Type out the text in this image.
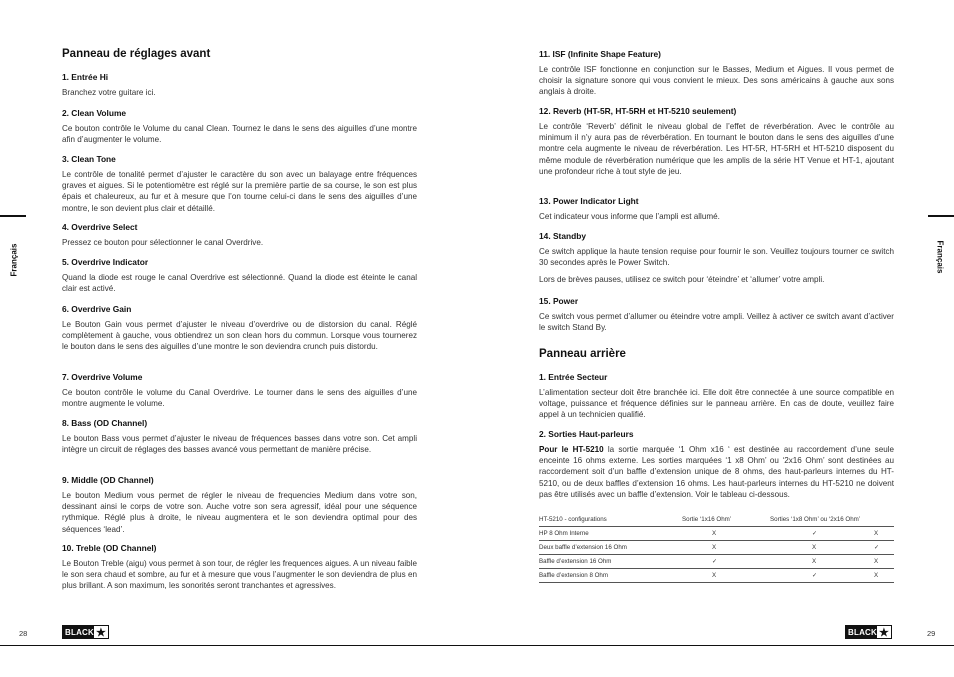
Panneau de réglages avant
1. Entrée Hi

Branchez votre guitare ici.

2. Clean Volume

Ce bouton contrôle le Volume du canal Clean. Tournez le dans le sens des aiguilles d’une montre afin d’augmenter le volume.

3. Clean Tone

Le contrôle de tonalité permet d’ajuster le caractère du son avec un balayage entre fréquences graves et aigues. Si le potentiomètre est réglé sur la première partie de sa course, le son est plus épais et chaleureux, au fur et à mesure que l’on tourne celui-ci dans le sens des aiguilles d’une montre, le son devient plus clair et détaillé.

4. Overdrive Select

Pressez ce bouton pour sélectionner le canal Overdrive.

5. Overdrive Indicator

Quand la diode est rouge le canal Overdrive est sélectionné. Quand la diode est éteinte le canal clair est activé.

6. Overdrive Gain

Le Bouton Gain vous permet d’ajuster le niveau d’overdrive ou de distorsion du canal. Réglé complètement à gauche, vous obtiendrez un son clean hors du commun. Lorsque vous tournerez le bouton dans le sens des aiguilles d’une montre le son deviendra crunch puis distordu.

7. Overdrive Volume

Ce bouton contrôle le volume du Canal Overdrive. Le tourner dans le sens des aiguilles d’une montre augmente le volume.

8. Bass (OD Channel)

Le bouton Bass vous permet d’ajuster le niveau de fréquences basses dans votre son. Cet ampli intègre un circuit de réglages des basses avancé vous permettant de manière précise.

9. Middle (OD Channel)

Le bouton Medium vous permet de régler le niveau de frequencies Medium dans votre son, dessinant ainsi le corps de votre son. Auche votre son sera agressif, idéal pour une séquence rythmique. Réglé plus à droite, le niveau augmentera et le son deviendra optimal pour des séquences ‘lead’.

10. Treble (OD Channel)

Le Bouton Treble (aigu) vous permet à son tour, de régler les frequences aigues. A un niveau faible le son sera chaud et sombre, au fur et à mesure que vous l’augmenter le son deviendra de plus en plus brillant. A son maximum, les sonorités seront tranchantes et agressives.

Français
28	BLACK ★
11. ISF (Infinite Shape Feature)

Le contrôle ISF fonctionne en conjunction sur le Basses, Medium et Aigues. Il vous permet de choisir la signature sonore qui vous convient le mieux. Des sons américains à gauche aux sons anglais à droite.

12. Reverb (HT-5R, HT-5RH et HT-5210 seulement)

Le contrôle ‘Reverb’ définit le niveau global de l’effet de réverbération. Avec le contrôle au minimum il n’y aura pas de réverbération. En tournant le bouton dans le sens des aiguilles d’une montre cela augmente le niveau de réverbération. Les HT-5R, HT-5RH et HT-5210 disposent du même module de réverbération numérique que les amplis de la série HT Venue et HT-1, ajoutant une profondeur riche à tout style de jeu.

13. Power Indicator Light

Cet indicateur vous informe que l’ampli est allumé.

14. Standby

Ce switch applique la haute tension requise pour fournir le son. Veuillez toujours tourner ce switch 30 secondes après le Power Switch.

Lors de brèves pauses, utilisez ce switch pour ‘éteindre’ et ‘allumer’ votre ampli.

15. Power

Ce switch vous permet d’allumer ou éteindre votre ampli. Veillez à activer ce switch avant d’activer le switch Stand By.

Panneau arrière
1. Entrée Secteur

L’alimentation secteur doit être branchée ici. Elle doit être connectée à une source compatible en voltage, puissance et fréquence définies sur le panneau arrière. En cas de doute, veuillez faire appel à un technicien qualifié.

2. Sorties Haut-parleurs

Pour le HT-5210 la sortie marquée ‘1 Ohm x16 ‘ est destinée au raccordement d’une seule enceinte 16 ohms externe. Les sorties marquées ‘1 x8 Ohm’ ou ‘2x16 Ohm’ sont destinées au raccordement soit d’un baffle d’extension unique de 8 ohms, des haut-parleurs internes du HT-5210, ou de deux baffles d’extension 16 ohms. Les haut-parleurs internes du HT-5210 ne doivent pas être utilisés avec un baffle d’extension. Voir le tableau ci-dessous.

HT-5210 - configurations	Sortie ‘1x16 Ohm’	Sorties ‘1x8 Ohm’ ou ‘2x16 Ohm’	
HP 8 Ohm Interne	X	✓	X
Deux baffle d’extension 16 Ohm	X	X	✓
Baffle d’extension 16 Ohm	✓	X	X
Baffle d’extension 8 Ohm	X	✓	X
Français
29
BLACK ★
